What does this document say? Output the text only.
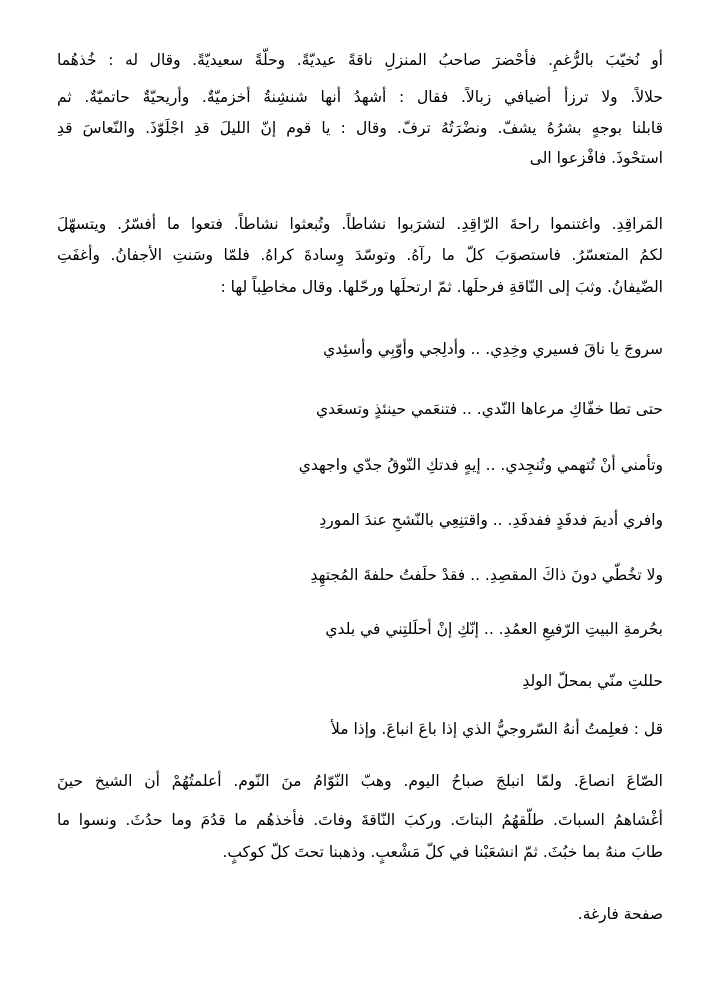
أو نُخيّبَ بالرُّغمِ. فأحْضرَ صاحبُ المنزلِ ناقةً عيديّةً. وحلّةً سعيديّةً. وقال له : خُذهُما

حلالاً. ولا ترزأ أضيافي زبالاً. فقال : أشهدُ أنها شنشِنةُ أخزميّةٌ. وأريحيّةٌ حاتميّةٌ. ثم

قابلنا بوجهٍ بشرُهُ يشفّ. ونضْرَتُهُ ترفّ. وقال : يا قوم إنّ الليلَ قدِ اجْلَوّذَ. والنّعاسَ قدِ

استحْوذَ. فافْزعوا الى

المَراقِدِ. واغتنموا راحةَ الرّاقِدِ. لتشرَبوا نشاطاً. وتُبعثوا نشاطاً. فتعوا ما أفسّرُ. ويتسهّلَ

لكمُ المتعسّرُ. فاستصوَبَ كلّ ما رآهُ. وتوسّدَ وِسادةَ كراهُ. فلمّا وسَنتِ الأجفانُ. وأغفَتِ

الضّيفانُ. وثبَ إلى النّاقةِ فرحلَها. ثمّ ارتحلَها ورحّلها. وقال مخاطِباً لها :

سروجَ يا ناقَ فسيري وخِدِي. .. وأدلِجي وأوّبِي وأسئِدي

حتى تطا خفّاكِ مرعاها النّدي. .. فتنعَمي حينئذٍ وتسعَدي

وتأمني أنْ تُتهمي وتُنجِدي. .. إيهٍ فدتكِ النّوقُ جدّي واجهدي

وافري أديمَ فدفَدٍ ففدفَدِ. .. واقتنِعِي بالنّشحِ عندَ الموردِ

ولا تخُطّي دونَ ذاكَ المقصِدِ. .. فقدْ حلَفتُ حلفةَ المُجتهِدِ

بحُرمةِ البيتِ الرّفيعِ العمُدِ. .. إنّكِ إنْ أحلَلتِني في بلدي

حللتِ منّي بمحلّ الولدِ

قل : فعلِمتُ أنهُ السّروجيُّ الذي إذا باعَ انباعَ. وإذا ملأ

الصّاعَ انصاعَ. ولمّا انبلجَ صباحُ اليوم. وهبّ النّوّامُ منَ النّوم. أعلمتُهُمْ أن الشيخ حينَ

أغْشاهمُ السباتَ. طلّقهُمُ البتاتَ. وركبَ النّاقةَ وفاتَ. فأخذهُم ما قدُمَ وما حدُثَ. ونسوا ما

طابَ منهُ بما خبُثَ. ثمّ انشعَبْنا في كلّ مَشْعبٍ. وذهبنا تحتَ كلّ كوكبٍ.

صفحة فارغة.
